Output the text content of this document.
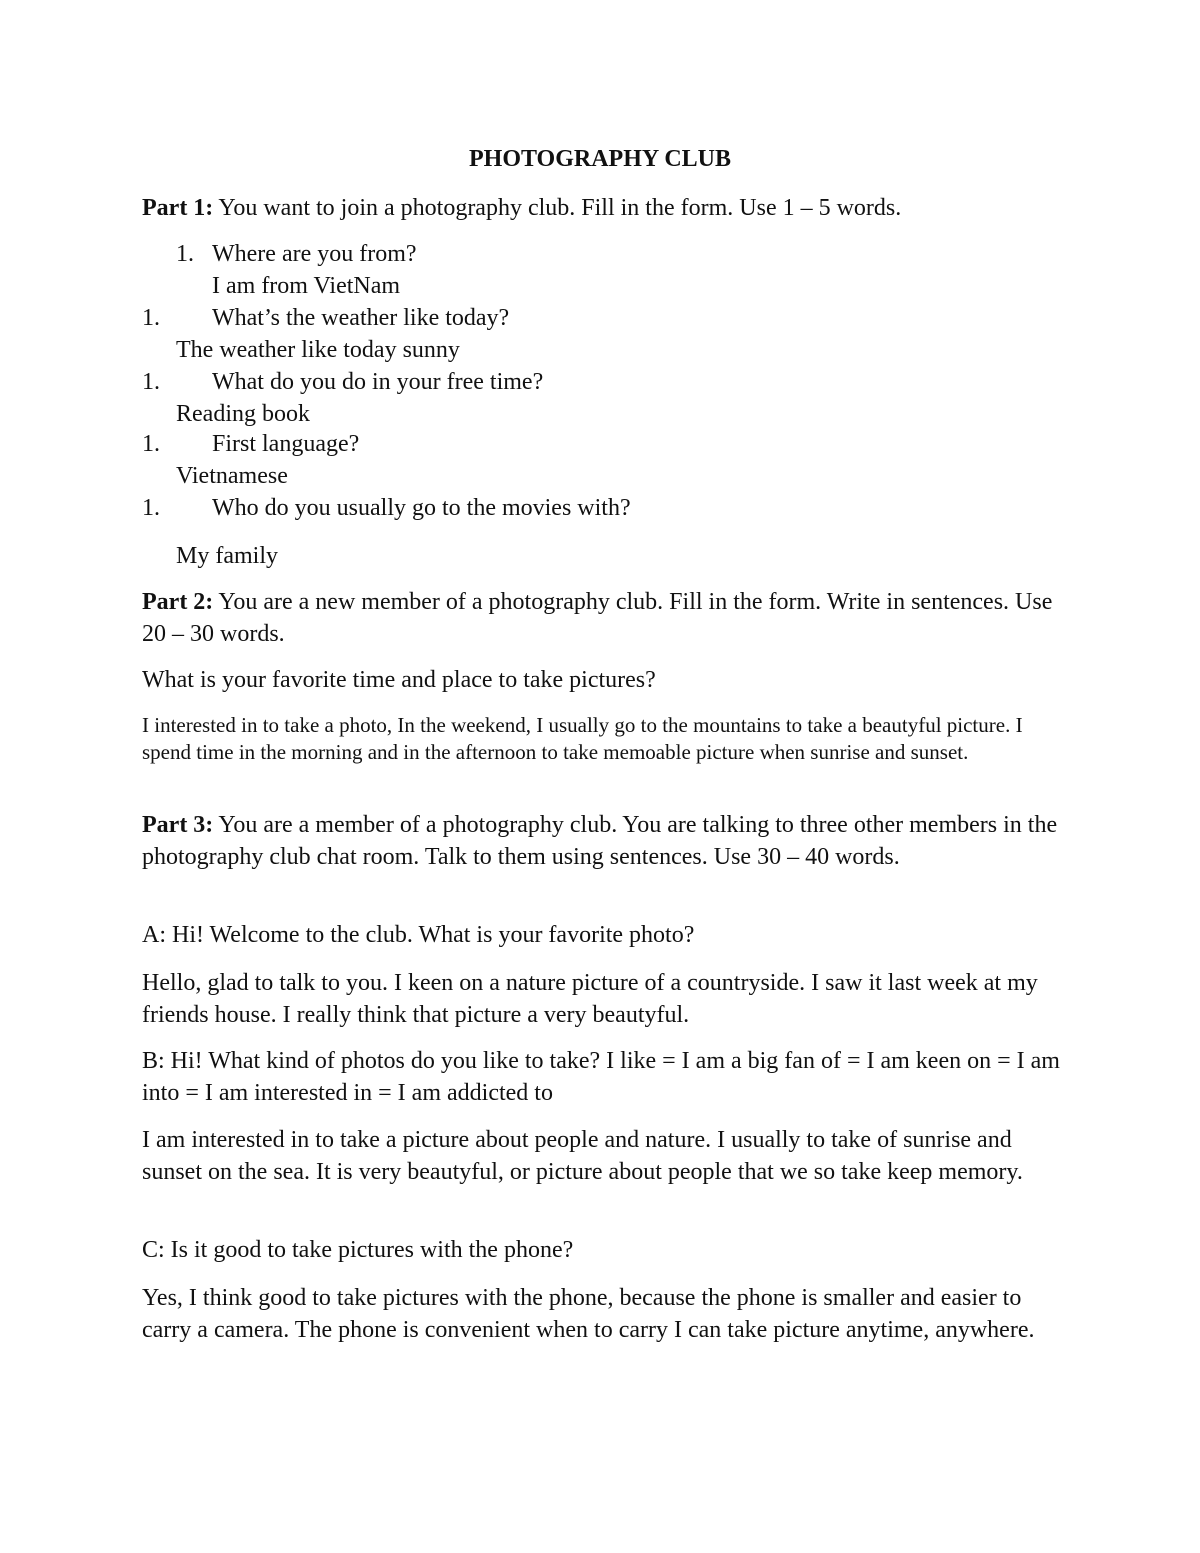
PHOTOGRAPHY CLUB
Part 1: You want to join a photography club. Fill in the form. Use 1 – 5 words.
1. Where are you from?
I am from VietNam
1. What’s the weather like today?
The weather like today sunny
1. What do you do in your free time?
Reading book
1. First language?
Vietnamese
1. Who do you usually go to the movies with?
My family
Part 2: You are a new member of a photography club. Fill in the form. Write in sentences. Use 20 – 30 words.
What is your favorite time and place to take pictures?
I interested in to take a photo, In the weekend, I usually go to the mountains to take a beautyful picture. I spend time in the morning and in the afternoon to take memoable picture when sunrise and sunset.
Part 3: You are a member of a photography club. You are talking to three other members in the photography club chat room. Talk to them using sentences. Use 30 – 40 words.
A: Hi! Welcome to the club. What is your favorite photo?
Hello, glad to talk to you. I keen on a nature picture of a countryside. I saw it last week at my friends house. I really think that picture a very beautyful.
B: Hi! What kind of photos do you like to take? I like = I am a big fan of = I am keen on = I am into = I am interested in = I am addicted to
I am interested in to take a picture about people and nature. I usually to take of sunrise and sunset on the sea. It is very beautyful, or picture about people that we so take keep memory.
C: Is it good to take pictures with the phone?
Yes, I think good to take pictures with the phone, because the phone is smaller and easier to carry a camera. The phone is convenient when to carry I can take picture anytime, anywhere.
